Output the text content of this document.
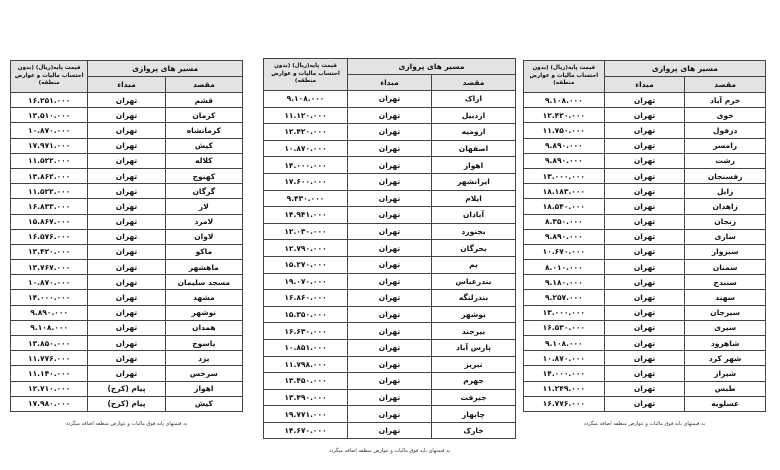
مسیر های پروازی		قیمت پایه(ریال) (بدون احتساب مالیات و عوارض منطقه)
مقصد	مبداء	
قشم	تهران	۱۶.۲۵۱.۰۰۰
کرمان	تهران	۱۳.۵۱۰.۰۰۰
کرمانشاه	تهران	۱۰.۸۷۰.۰۰۰
کیش	تهران	۱۷.۹۷۱.۰۰۰
کلاله	تهران	۱۱.۵۲۲.۰۰۰
کهنوج	تهران	۱۳.۸۶۲.۰۰۰
گرگان	تهران	۱۱.۵۲۲.۰۰۰
لار	تهران	۱۶.۸۳۳.۰۰۰
لامرد	تهران	۱۵.۸۶۷.۰۰۰
لاوان	تهران	۱۶.۵۷۶.۰۰۰
ماکو	تهران	۱۳.۴۲۰.۰۰۰
ماهشهر	تهران	۱۳.۷۶۷.۰۰۰
مسجد سلیمان	تهران	۱۰.۸۷۰.۰۰۰
مشهد	تهران	۱۴.۰۰۰.۰۰۰
نوشهر	تهران	۹.۸۹۰.۰۰۰
همدان	تهران	۹.۱۰۸.۰۰۰
یاسوج	تهران	۱۳.۸۵۰.۰۰۰
یزد	تهران	۱۱.۷۷۶.۰۰۰
سرخس	تهران	۱۱.۱۴۰.۰۰۰
اهواز	پیام (کرج)	۱۲.۷۱۰.۰۰۰
کیش	پیام (کرج)	۱۷.۹۸۰.۰۰۰
به قیمتهای پایه فوق مالیات و عوارض منطقه اضافه میگردد
مسیر های پروازی		قیمت پایه(ریال) (بدون احتساب مالیات و عوارض منطقه)
مقصد	مبداء	
اراک	تهران	۹.۱۰۸.۰۰۰
اردبیل	تهران	۱۱.۱۲۰.۰۰۰
ارومیه	تهران	۱۲.۴۲۰.۰۰۰
اصفهان	تهران	۱۰.۸۷۰.۰۰۰
اهواز	تهران	۱۴.۰۰۰.۰۰۰
ایرانشهر	تهران	۱۷.۶۰۰.۰۰۰
ایلام	تهران	۹.۴۳۰.۰۰۰
آبادان	تهران	۱۴.۹۴۱.۰۰۰
بجنورد	تهران	۱۲.۰۳۰.۰۰۰
بحرگان	تهران	۱۲.۷۹۰.۰۰۰
بم	تهران	۱۵.۲۷۰.۰۰۰
بندرعباس	تهران	۱۹.۰۷۰.۰۰۰
بندرلنگه	تهران	۱۶.۸۶۰.۰۰۰
بوشهر	تهران	۱۵.۳۵۰.۰۰۰
بیرجند	تهران	۱۶.۶۳۰.۰۰۰
پارس آباد	تهران	۱۰.۸۵۱.۰۰۰
تبریز	تهران	۱۱.۷۹۸.۰۰۰
جهرم	تهران	۱۳.۴۵۰.۰۰۰
جیرفت	تهران	۱۳.۴۹۰.۰۰۰
چابهار	تهران	۱۹.۷۷۱.۰۰۰
خارک	تهران	۱۴.۶۷۰.۰۰۰
به قیمتهای پایه فوق مالیات و عوارض منطقه اضافه میگردد
مسیر های پروازی		قیمت پایه(ریال) (بدون احتساب مالیات و عوارض منطقه)
مقصد	مبداء	
خرم آباد	تهران	۹.۱۰۸.۰۰۰
خوی	تهران	۱۲.۴۲۰.۰۰۰
دزفول	تهران	۱۱.۷۵۰.۰۰۰
رامسر	تهران	۹.۸۹۰.۰۰۰
رشت	تهران	۹.۸۹۰.۰۰۰
رفسنجان	تهران	۱۳.۰۰۰.۰۰۰
زابل	تهران	۱۸.۱۸۳.۰۰۰
زاهدان	تهران	۱۸.۵۴۰.۰۰۰
زنجان	تهران	۸.۳۵۰.۰۰۰
ساری	تهران	۹.۸۹۰.۰۰۰
سبزوار	تهران	۱۰.۶۷۰.۰۰۰
سمنان	تهران	۸.۰۱۰.۰۰۰
سنندج	تهران	۹.۱۸۰.۰۰۰
سهند	تهران	۹.۲۵۷.۰۰۰
سیرجان	تهران	۱۳.۰۰۰.۰۰۰
سیری	تهران	۱۶.۵۳۰.۰۰۰
شاهرود	تهران	۹.۱۰۸.۰۰۰
شهر کرد	تهران	۱۰.۸۷۰.۰۰۰
شیراز	تهران	۱۴.۰۰۰.۰۰۰
طبس	تهران	۱۱.۲۴۹.۰۰۰
عسلویه	تهران	۱۶.۷۷۶.۰۰۰
به قیمتهای پایه فوق مالیات و عوارض منطقه اضافه میگردد
